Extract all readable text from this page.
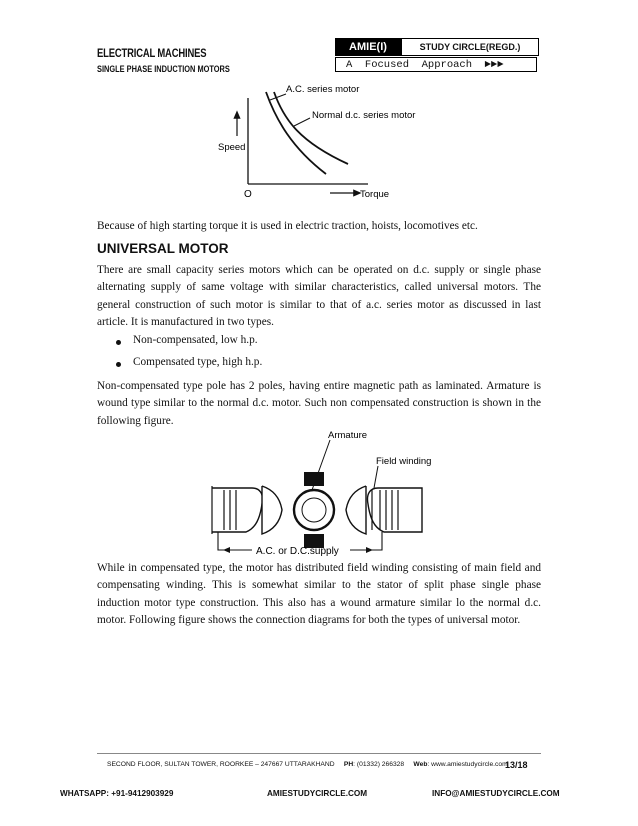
ELECTRICAL MACHINES
SINGLE PHASE INDUCTION MOTORS
AMIE(I)	STUDY CIRCLE(REGD.)
A  Focused  Approach  ►►►
A.C. series motor
Normal d.c. series motor
Speed
O	Torque
Because of high starting torque it is used in electric traction, hoists, locomotives etc.
UNIVERSAL MOTOR
There are small capacity series motors which can be operated on d.c. supply or single phase alternating supply of same voltage with similar characteristics, called universal motors. The general construction of such motor is similar to that of a.c. series motor as discussed in last article. It is manufactured in two types.
Non-compensated, low h.p.
Compensated type, high h.p.
Non-compensated type pole has 2 poles, having entire magnetic path as laminated. Armature is wound type similar to the normal d.c. motor. Such non compensated construction is shown in the following figure.
A.C. or D.C.supply
Armature
Field winding
While in compensated type, the motor has distributed field winding consisting of main field and compensating winding. This is somewhat similar to the stator of split phase single phase induction motor type construction. This also has a wound armature similar lo the normal d.c. motor. Following figure shows the connection diagrams for both the types of universal motor.
SECOND FLOOR, SULTAN TOWER, ROORKEE – 247667 UTTARAKHAND PH: (01332) 266328 Web: www.amiestudycircle.com
13/18
WHATSAPP: +91-9412903929	AMIESTUDYCIRCLE.COM	INFO@AMIESTUDYCIRCLE.COM
